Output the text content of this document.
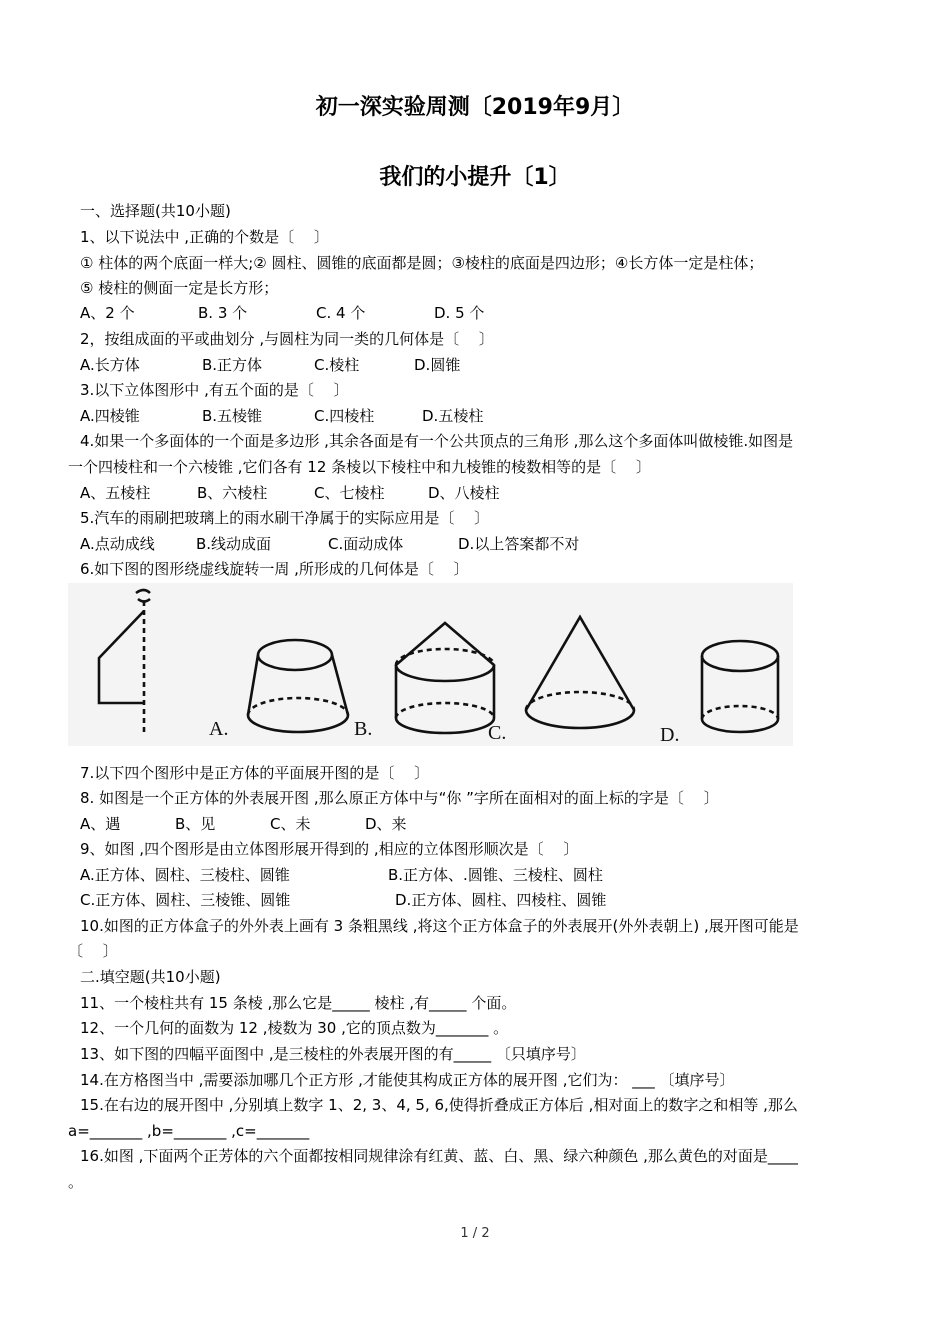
初一深实验周测〔2019年9月〕
我们的小提升〔1〕
一、选择题(共10小题)
1、以下说法中 ,正确的个数是〔　 〕
① 柱体的两个底面一样大;② 圆柱、圆锥的底面都是圆；③棱柱的底面是四边形；④长方体一定是柱体；
⑤ 棱柱的侧面一定是长方形；
A、2 个	B. 3 个	C. 4 个	D. 5 个
2，按组成面的平或曲划分 ,与圆柱为同一类的几何体是〔　 〕
A.长方体	B.正方体	C.棱柱	D.圆锥
3.以下立体图形中 ,有五个面的是〔　 〕
A.四棱锥	B.五棱锥	C.四棱柱	D.五棱柱
4.如果一个多面体的一个面是多边形 ,其余各面是有一个公共顶点的三角形 ,那么这个多面体叫做棱锥.如图是
一个四棱柱和一个六棱锥 ,它们各有 12 条棱以下棱柱中和九棱锥的棱数相等的是〔　 〕
A、五棱柱	B、六棱柱	C、七棱柱	D、八棱柱
5.汽车的雨刷把玻璃上的雨水刷干净属于的实际应用是〔　 〕
A.点动成线	B.线动成面	C.面动成体	D.以上答案都不对
6.如下图的图形绕虚线旋转一周 ,所形成的几何体是〔　 〕
A.	B.	C.	D.
7.以下四个图形中是正方体的平面展开图的是〔　 〕
8. 如图是一个正方体的外表展开图 ,那么原正方体中与“你 ”字所在面相对的面上标的字是〔　 〕
A、遇	B、见	C、未	D、来
9、如图 ,四个图形是由立体图形展开得到的 ,相应的立体图形顺次是〔　 〕
A.正方体、圆柱、三棱柱、圆锥	B.正方体、.圆锥、三棱柱、圆柱
C.正方体、圆柱、三棱锥、圆锥	D.正方体、圆柱、四棱柱、圆锥
10.如图的正方体盒子的外外表上画有 3 条粗黑线 ,将这个正方体盒子的外表展开(外外表朝上) ,展开图可能是
〔　 〕
二.填空题(共10小题)
11、一个棱柱共有 15 条棱 ,那么它是_____ 棱柱 ,有_____ 个面。
12、一个几何的面数为 12 ,棱数为 30 ,它的顶点数为_______ 。
13、如下图的四幅平面图中 ,是三棱柱的外表展开图的有_____ 〔只填序号〕
14.在方格图当中 ,需要添加哪几个正方形 ,才能使其构成正方体的展开图 ,它们为： ___ 〔填序号〕
15.在右边的展开图中 ,分别填上数字 1、2, 3、4, 5, 6,使得折叠成正方体后 ,相对面上的数字之和相等 ,那么
a=_______ ,b=_______ ,c=_______
16.如图 ,下面两个正芳体的六个面都按相同规律涂有红黄、蓝、白、黑、绿六种颜色 ,那么黄色的对面是____
。
1 / 2
